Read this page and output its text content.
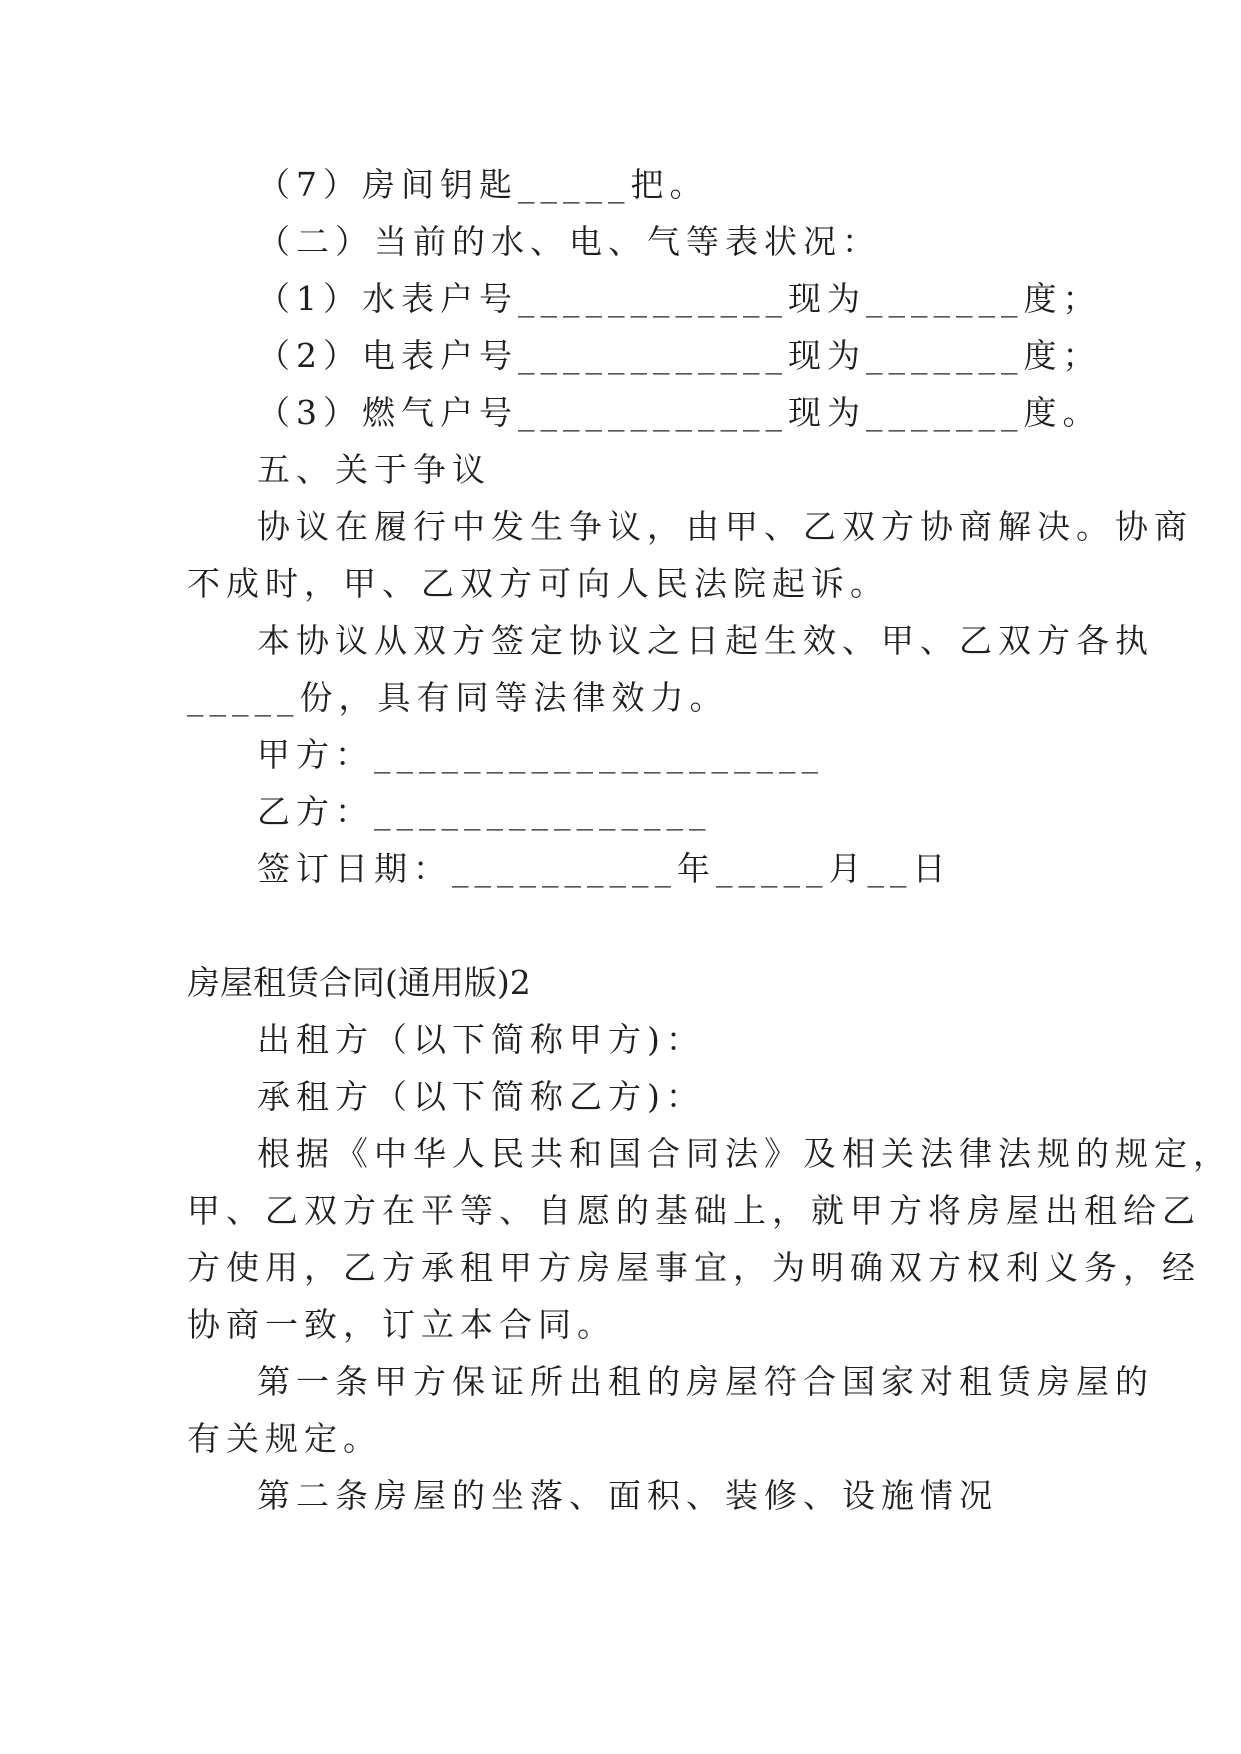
（7）房间钥匙_____把。
（二）当前的水、电、气等表状况：
（1）水表户号____________现为_______度；
（2）电表户号____________现为_______度；
（3）燃气户号____________现为_______度。
五、关于争议
协议在履行中发生争议，由甲、乙双方协商解决。协商
不成时，甲、乙双方可向人民法院起诉。
本协议从双方签定协议之日起生效、甲、乙双方各执
_____份，具有同等法律效力。
甲方：____________________
乙方：_______________
签订日期：__________年_____月__日
房屋租赁合同(通用版)2
出租方（以下简称甲方)：
承租方（以下简称乙方)：
根据《中华人民共和国合同法》及相关法律法规的规定，
甲、乙双方在平等、自愿的基础上，就甲方将房屋出租给乙
方使用，乙方承租甲方房屋事宜，为明确双方权利义务，经
协商一致，订立本合同。
第一条甲方保证所出租的房屋符合国家对租赁房屋的
有关规定。
第二条房屋的坐落、面积、装修、设施情况
